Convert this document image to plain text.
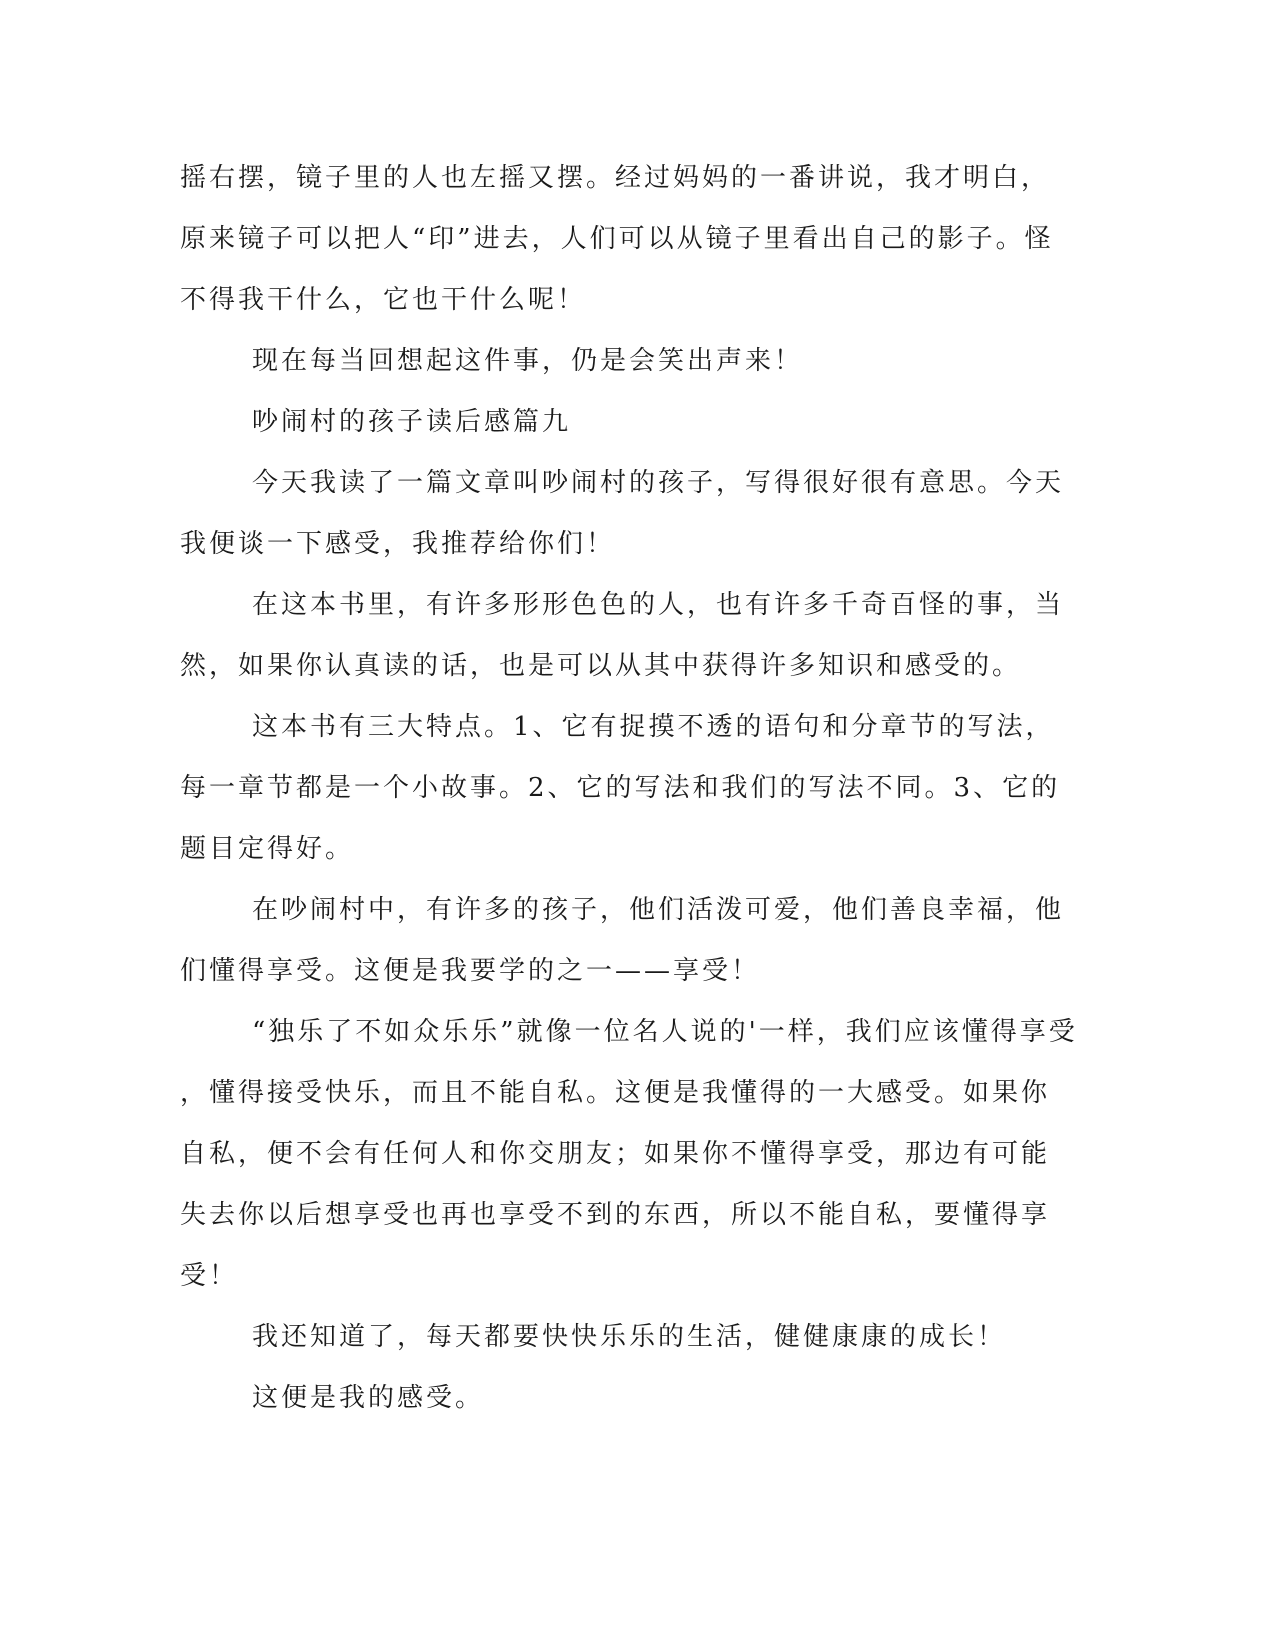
摇右摆，镜子里的人也左摇又摆。经过妈妈的一番讲说，我才明白，
原来镜子可以把人“印”进去，人们可以从镜子里看出自己的影子。怪
不得我干什么，它也干什么呢！
现在每当回想起这件事，仍是会笑出声来！
吵闹村的孩子读后感篇九
今天我读了一篇文章叫吵闹村的孩子，写得很好很有意思。今天
我便谈一下感受，我推荐给你们！
在这本书里，有许多形形色色的人，也有许多千奇百怪的事，当
然，如果你认真读的话，也是可以从其中获得许多知识和感受的。
这本书有三大特点。1、它有捉摸不透的语句和分章节的写法，
每一章节都是一个小故事。2、它的写法和我们的写法不同。3、它的
题目定得好。
在吵闹村中，有许多的孩子，他们活泼可爱，他们善良幸福，他
们懂得享受。这便是我要学的之一——享受！
“独乐了不如众乐乐”就像一位名人说的'一样，我们应该懂得享受
，懂得接受快乐，而且不能自私。这便是我懂得的一大感受。如果你
自私，便不会有任何人和你交朋友；如果你不懂得享受，那边有可能
失去你以后想享受也再也享受不到的东西，所以不能自私，要懂得享
受！
我还知道了，每天都要快快乐乐的生活，健健康康的成长！
这便是我的感受。
